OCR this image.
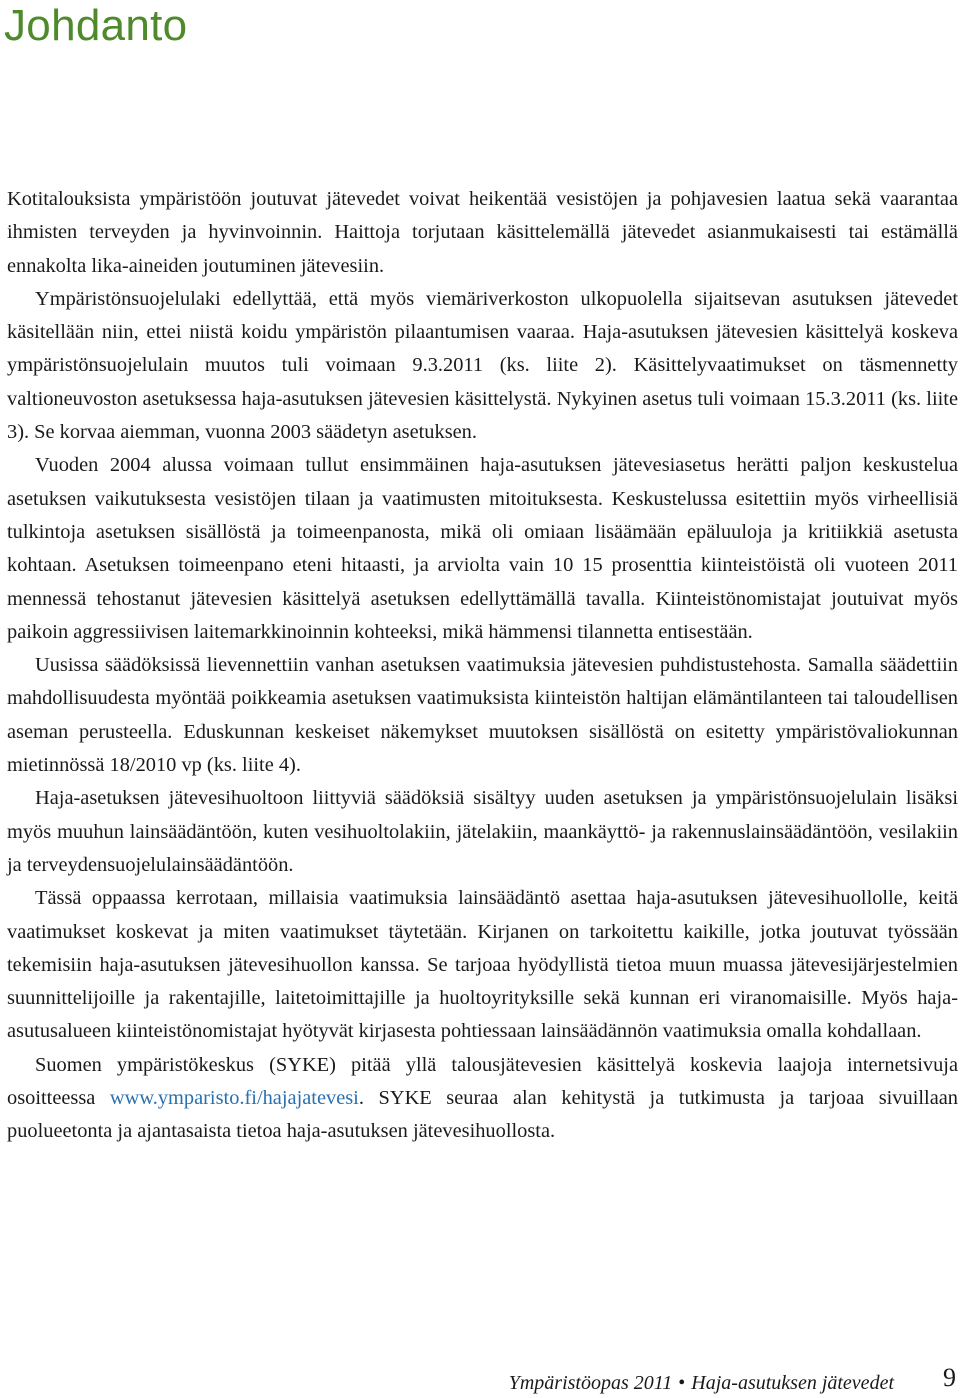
Johdanto

Kotitalouksista ympäristöön joutuvat jätevedet voivat heikentää vesistöjen ja pohjavesien laatua sekä vaarantaa ihmisten terveyden ja hyvinvoinnin. Haittoja torjutaan käsittelemällä jätevedet asianmukaisesti tai estämällä ennakolta lika-aineiden joutuminen jätevesiin.

Ympäristönsuojelulaki edellyttää, että myös viemäriverkoston ulkopuolella sijaitsevan asutuksen jätevedet käsitellään niin, ettei niistä koidu ympäristön pilaantumisen vaaraa. Haja-asutuksen jätevesien käsittelyä koskeva ympäristönsuojelulain muutos tuli voimaan 9.3.2011 (ks. liite 2). Käsittelyvaatimukset on täsmennetty valtioneuvoston asetuksessa haja-asutuksen jätevesien käsittelystä. Nykyinen asetus tuli voimaan 15.3.2011 (ks. liite 3). Se korvaa aiemman, vuonna 2003 säädetyn asetuksen.

Vuoden 2004 alussa voimaan tullut ensimmäinen haja-asutuksen jätevesiasetus herätti paljon keskustelua asetuksen vaikutuksesta vesistöjen tilaan ja vaatimusten mitoituksesta. Keskustelussa esitettiin myös virheellisiä tulkintoja asetuksen sisällöstä ja toimeenpanosta, mikä oli omiaan lisäämään epäluuloja ja kritiikkiä asetusta kohtaan. Asetuksen toimeenpano eteni hitaasti, ja arviolta vain 10 15 prosenttia kiinteistöistä oli vuoteen 2011 mennessä tehostanut jätevesien käsittelyä asetuksen edellyttämällä tavalla. Kiinteistönomistajat joutuivat myös paikoin aggressiivisen laitemarkkinoinnin kohteeksi, mikä hämmensi tilannetta entisestään.

Uusissa säädöksissä lievennettiin vanhan asetuksen vaatimuksia jätevesien puhdistustehosta. Samalla säädettiin mahdollisuudesta myöntää poikkeamia asetuksen vaatimuksista kiinteistön haltijan elämäntilanteen tai taloudellisen aseman perusteella. Eduskunnan keskeiset näkemykset muutoksen sisällöstä on esitetty ympäristövaliokunnan mietinnössä 18/2010 vp (ks. liite 4).

Haja-asetuksen jätevesihuoltoon liittyviä säädöksiä sisältyy uuden asetuksen ja ympäristönsuojelulain lisäksi myös muuhun lainsäädäntöön, kuten vesihuoltolakiin, jätelakiin, maankäyttö- ja rakennuslainsäädäntöön, vesilakiin ja terveydensuojelulainsäädäntöön.

Tässä oppaassa kerrotaan, millaisia vaatimuksia lainsäädäntö asettaa haja-asutuksen jätevesihuollolle, keitä vaatimukset koskevat ja miten vaatimukset täytetään. Kirjanen on tarkoitettu kaikille, jotka joutuvat työssään tekemisiin haja-asutuksen jätevesihuollon kanssa. Se tarjoaa hyödyllistä tietoa muun muassa jätevesijärjestelmien suunnittelijoille ja rakentajille, laitetoimittajille ja huoltoyrityksille sekä kunnan eri viranomaisille. Myös haja-asutusalueen kiinteistönomistajat hyötyvät kirjasesta pohtiessaan lainsäädännön vaatimuksia omalla kohdallaan.

Suomen ympäristökeskus (SYKE) pitää yllä talousjätevesien käsittelyä koskevia laajoja internetsivuja osoitteessa www.ymparisto.fi/hajajatevesi. SYKE seuraa alan kehitystä ja tutkimusta ja tarjoaa sivuillaan puolueetonta ja ajantasaista tietoa haja-asutuksen jätevesihuollosta.

Ympäristöopas 2011 • Haja-asutuksen jätevedet 9
